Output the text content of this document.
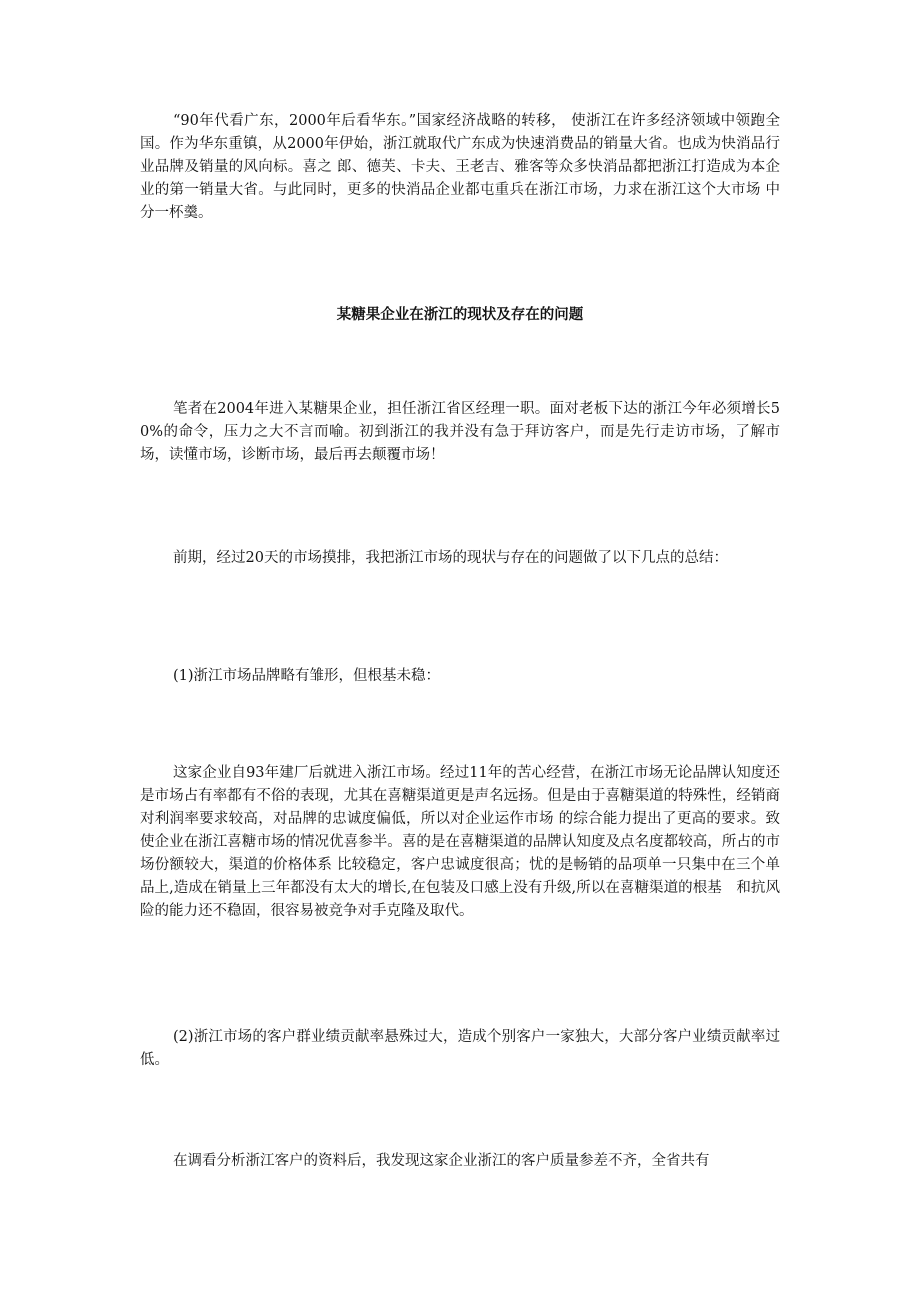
“90年代看广东，2000年后看华东。”国家经济战略的转移， 使浙江在许多经济领域中领跑全国。作为华东重镇，从2000年伊始，浙江就取代广东成为快速消费品的销量大省。也成为快消品行业品牌及销量的风向标。喜之 郎、德芙、卡夫、王老吉、雅客等众多快消品都把浙江打造成为本企业的第一销量大省。与此同时，更多的快消品企业都屯重兵在浙江市场，力求在浙江这个大市场 中分一杯羹。

某糖果企业在浙江的现状及存在的问题

笔者在2004年进入某糖果企业，担任浙江省区经理一职。面对老板下达的浙江今年必须增长50%的命令，压力之大不言而喻。初到浙江的我并没有急于拜访客户，而是先行走访市场，了解市场，读懂市场，诊断市场，最后再去颠覆市场！

前期，经过20天的市场摸排，我把浙江市场的现状与存在的问题做了以下几点的总结：

(1)浙江市场品牌略有雏形，但根基未稳：

这家企业自93年建厂后就进入浙江市场。经过11年的苦心经营，在浙江市场无论品牌认知度还 是市场占有率都有不俗的表现，尤其在喜糖渠道更是声名远扬。但是由于喜糖渠道的特殊性，经销商对利润率要求较高，对品牌的忠诚度偏低，所以对企业运作市场 的综合能力提出了更高的要求。致使企业在浙江喜糖市场的情况优喜参半。喜的是在喜糖渠道的品牌认知度及点名度都较高，所占的市场份额较大，渠道的价格体系 比较稳定，客户忠诚度很高；忧的是畅销的品项单一只集中在三个单品上,造成在销量上三年都没有太大的增长,在包装及口感上没有升级,所以在喜糖渠道的根基　和抗风险的能力还不稳固，很容易被竞争对手克隆及取代。

(2)浙江市场的客户群业绩贡献率悬殊过大，造成个别客户一家独大，大部分客户业绩贡献率过低。

在调看分析浙江客户的资料后，我发现这家企业浙江的客户质量参差不齐，全省共有
